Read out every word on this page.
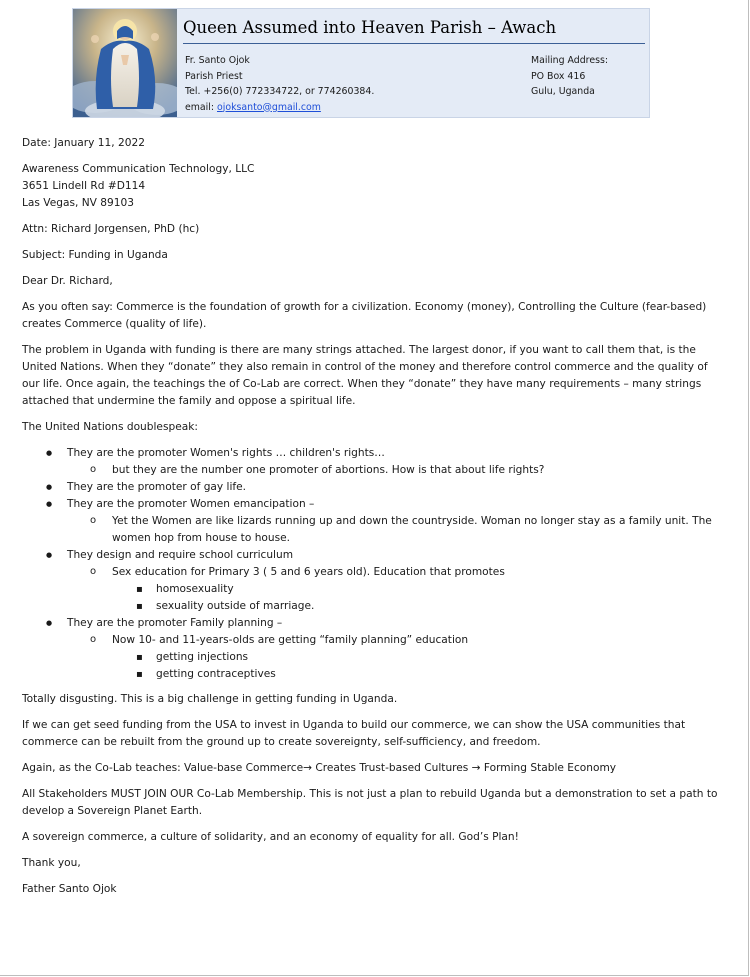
Queen Assumed into Heaven Parish – Awach
Fr. Santo Ojok
Parish Priest
Tel. +256(0) 772334722, or 774260384.
email: ojoksanto@gmail.com
Mailing Address:
PO Box 416
Gulu, Uganda

Date: January 11, 2022

Awareness Communication Technology, LLC
3651 Lindell Rd #D114
Las Vegas, NV 89103

Attn: Richard Jorgensen, PhD (hc)

Subject: Funding in Uganda

Dear Dr. Richard,

As you often say: Commerce is the foundation of growth for a civilization. Economy (money), Controlling the Culture (fear-based) creates Commerce (quality of life).

The problem in Uganda with funding is there are many strings attached. The largest donor, if you want to call them that, is the United Nations. When they “donate” they also remain in control of the money and therefore control commerce and the quality of our life. Once again, the teachings the of Co-Lab are correct. When they “donate” they have many requirements – many strings attached that undermine the family and oppose a spiritual life.

The United Nations doublespeak:

● They are the promoter Women's rights … children's rights…
o but they are the number one promoter of abortions. How is that about life rights?
● They are the promoter of gay life.
● They are the promoter Women emancipation –
o Yet the Women are like lizards running up and down the countryside. Woman no longer stay as a family unit. The women hop from house to house.
● They design and require school curriculum
o Sex education for Primary 3 ( 5 and 6 years old). Education that promotes
▪ homosexuality
▪ sexuality outside of marriage.
● They are the promoter Family planning –
o Now 10- and 11-years-olds are getting “family planning” education
▪ getting injections
▪ getting contraceptives

Totally disgusting. This is a big challenge in getting funding in Uganda.

If we can get seed funding from the USA to invest in Uganda to build our commerce, we can show the USA communities that commerce can be rebuilt from the ground up to create sovereignty, self-sufficiency, and freedom.

Again, as the Co-Lab teaches: Value-base Commerce→ Creates Trust-based Cultures → Forming Stable Economy

All Stakeholders MUST JOIN OUR Co-Lab Membership. This is not just a plan to rebuild Uganda but a demonstration to set a path to develop a Sovereign Planet Earth.

A sovereign commerce, a culture of solidarity, and an economy of equality for all. God’s Plan!

Thank you,

Father Santo Ojok
